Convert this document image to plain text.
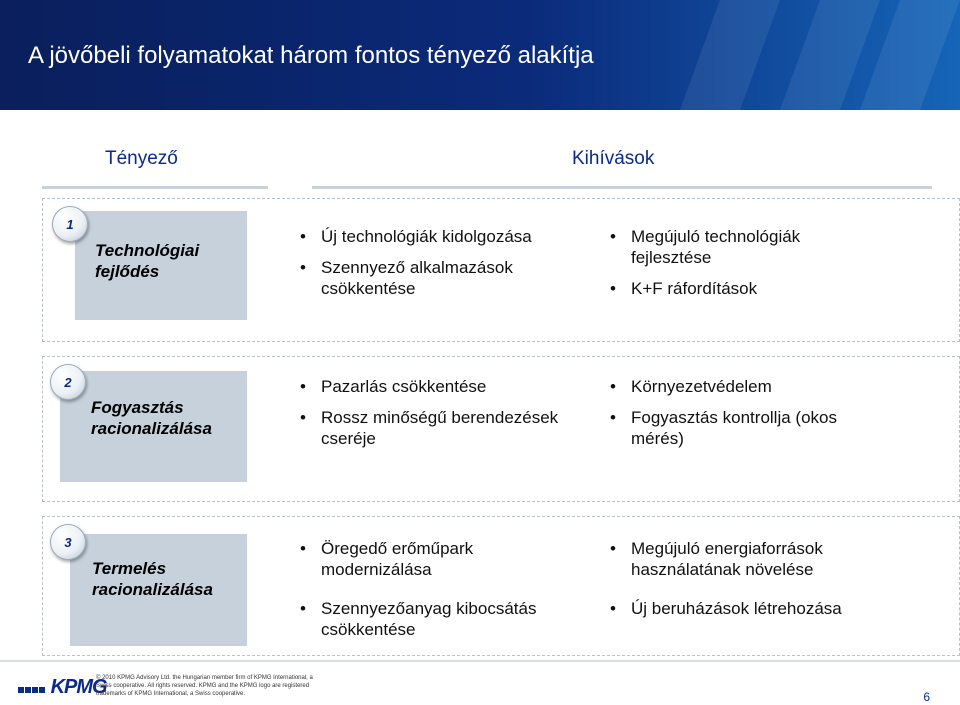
A jövőbeli folyamatokat három fontos tényező alakítja
Tényező	Kihívások
1
Technológiai
fejlődés
• Új technológiák kidolgozása
• Szennyező alkalmazások csökkentése
• Megújuló technológiák fejlesztése
• K+F ráfordítások
2
Fogyasztás
racionalizálása
• Pazarlás csökkentése
• Rossz minőségű berendezések cseréje
• Környezetvédelem
• Fogyasztás kontrollja (okos mérés)
3
Termelés
racionalizálása
• Öregedő erőműpark modernizálása
• Szennyezőanyag kibocsátás csökkentése
• Megújuló energiaforrások használatának növelése
• Új beruházások létrehozása
KPMG
© 2010 KPMG Advisory Ltd. the Hungarian member firm of KPMG International, a Swiss cooperative. All rights reserved. KPMG and the KPMG logo are registered trademarks of KPMG International, a Swiss cooperative.	6
